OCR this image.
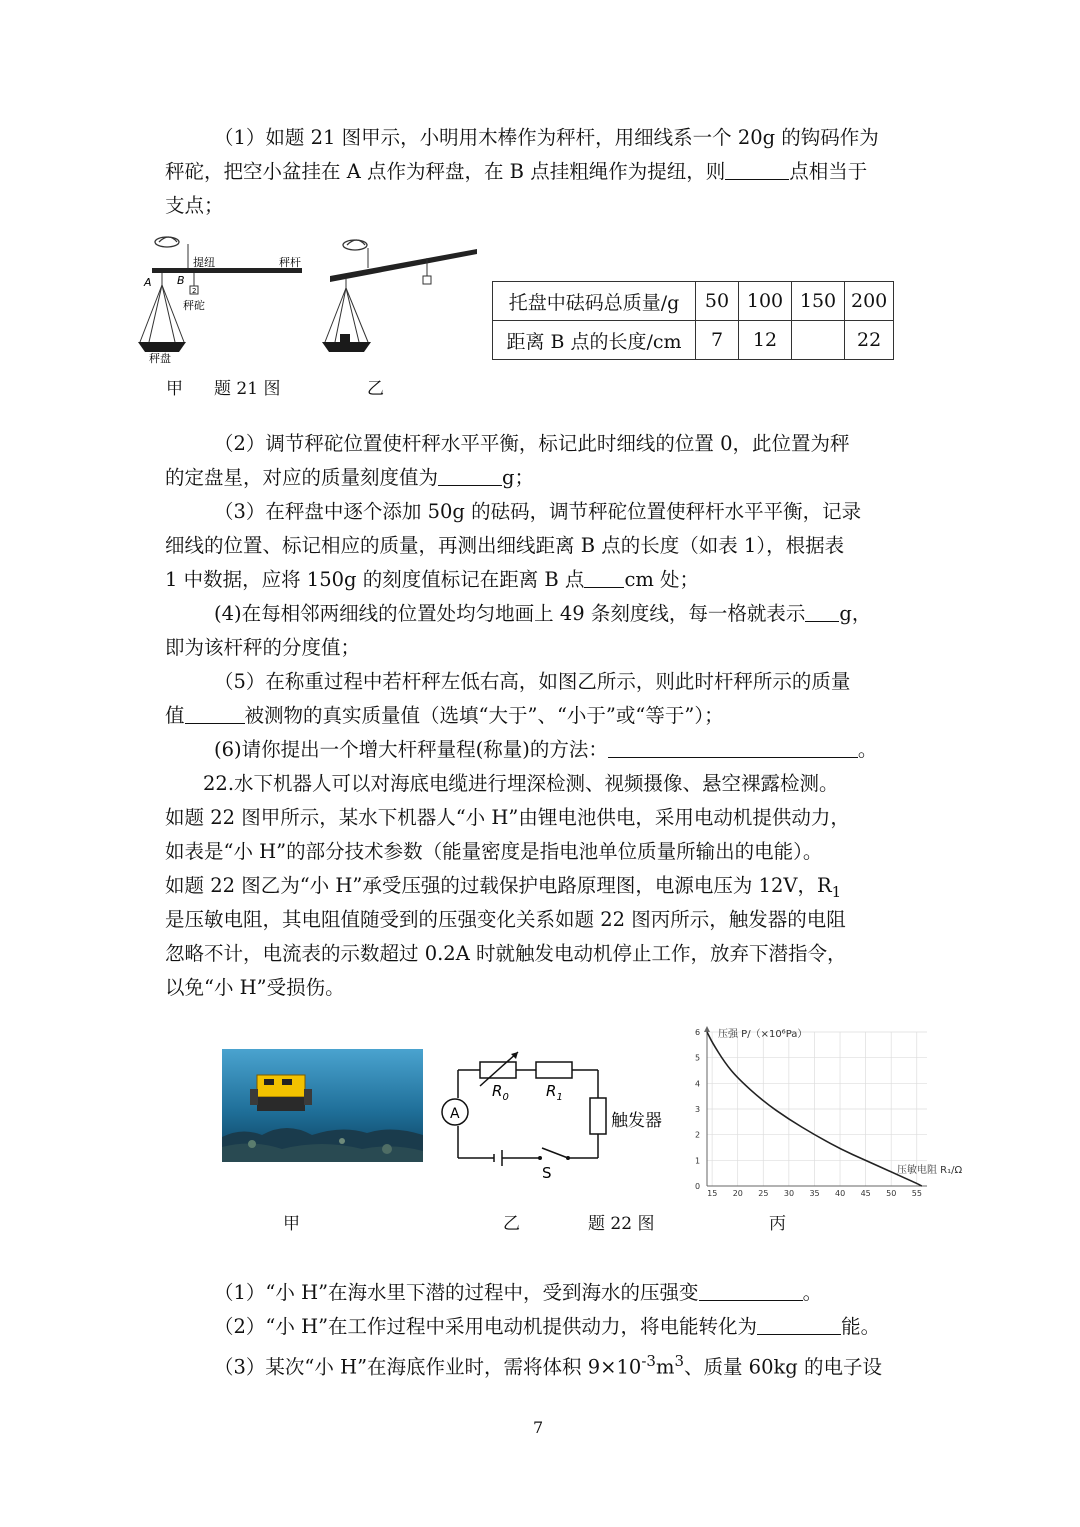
（1）如题 21 图甲示，小明用木棒作为秤杆，用细线系一个 20g 的钩码作为
秤砣，把空小盆挂在 A 点作为秤盘，在 B 点挂粗绳作为提纽，则	点相当于
支点；
提纽	秤杆
A B
2
秤砣
秤盘
甲 题 21 图	乙
托盘中砝码总质量/g	50	100	150	200
距离 B 点的长度/cm	7	12		22
（2）调节秤砣位置使杆秤水平平衡，标记此时细线的位置 0，此位置为秤
的定盘星，对应的质量刻度值为	g；
（3）在秤盘中逐个添加 50g 的砝码，调节秤砣位置使秤杆水平平衡，记录
细线的位置、标记相应的质量，再测出细线距离 B 点的长度（如表 1），根据表
1 中数据，应将 150g 的刻度值标记在距离 B 点 cm 处；
(4)在每相邻两细线的位置处均匀地画上 49 条刻度线，每一格就表示 g，
即为该杆秤的分度值；
（5）在称重过程中若杆秤左低右高，如图乙所示，则此时杆秤所示的质量
值	被测物的真实质量值（选填“大于”、“小于”或“等于”）；
(6)请你提出一个增大杆秤量程(称量)的方法：	。
22.水下机器人可以对海底电缆进行埋深检测、视频摄像、悬空裸露检测。
如题 22 图甲所示，某水下机器人“小 H”由锂电池供电，采用电动机提供动力，
如表是“小 H”的部分技术参数（能量密度是指电池单位质量所输出的电能）。
如题 22 图乙为“小 H”承受压强的过载保护电路原理图，电源电压为 12V，$R_1$
是压敏电阻，其电阻值随受到的压强变化关系如题 22 图丙所示，触发器的电阻
忽略不计，电流表的示数超过 0.2A 时就触发电动机停止工作，放弃下潜指令，
以免“小 H”受损伤。
A
$R_0$ $R_1$
触发器
S
15 20 25 30 35 40 45 50 55
0
1
2
3
4
5
6 压强 P/（×10⁶Pa）
压敏电阻 R₁/Ω
甲	乙	题 22 图	丙
（1）“小 H”在海水里下潜的过程中，受到海水的压强变	。
（2）“小 H”在工作过程中采用电动机提供动力，将电能转化为	能。
（3）某次“小 H”在海底作业时，需将体积 $9\times 10^{-3}m^3$、质量 60kg 的电子设
7
